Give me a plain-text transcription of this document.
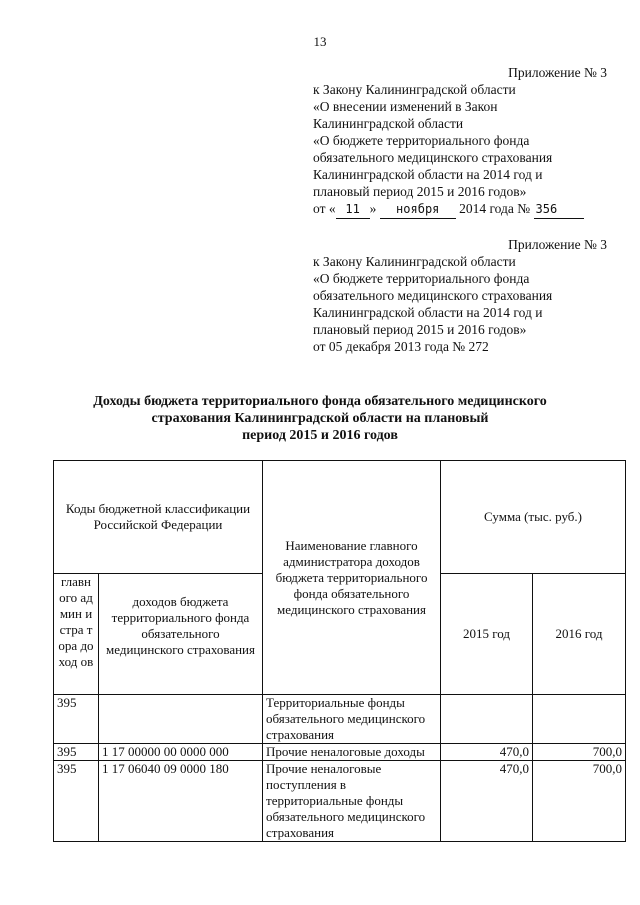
13
Приложение № 3
к Закону Калининградской области
«О внесении изменений в Закон
Калининградской области
«О бюджете территориального фонда
обязательного медицинского страхования
Калининградской области на 2014 год и
плановый период 2015 и 2016 годов»
от « 11 » ноября 2014 года № 356
Приложение № 3
к Закону Калининградской области
«О бюджете территориального фонда
обязательного медицинского страхования
Калининградской области на 2014 год и
плановый период 2015 и 2016 годов»
от 05 декабря 2013 года № 272
Доходы бюджета территориального фонда обязательного медицинского
страхования Калининградской области на плановый
период 2015 и 2016 годов
Коды бюджетной классификации Российской Федерации		Наименование главного администратора доходов бюджета территориального фонда обязательного медицинского страхования	Сумма (тыс. руб.)	
главн ого админ истра тора доход ов	доходов бюджета территориального фонда обязательного медицинского страхования		2015 год	2016 год
395		Территориальные фонды обязательного медицинского страхования		
395	1 17 00000 00 0000 000	Прочие неналоговые доходы	470,0	700,0
395	1 17 06040 09 0000 180	Прочие неналоговые поступления в территориальные фонды обязательного медицинского страхования	470,0	700,0
